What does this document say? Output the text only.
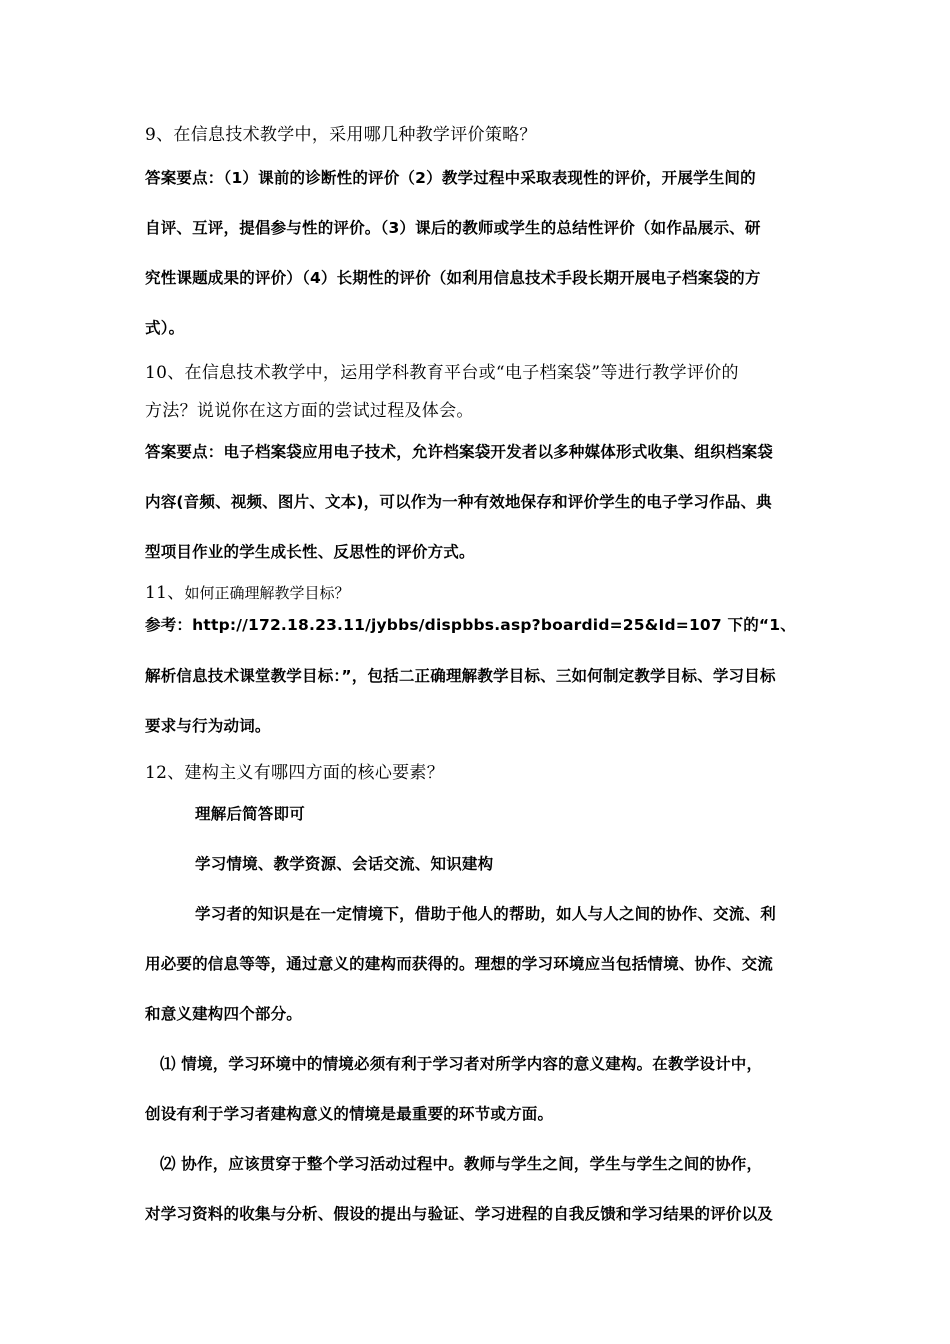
9、在信息技术教学中，采用哪几种教学评价策略？
答案要点：（1）课前的诊断性的评价（2）教学过程中采取表现性的评价，开展学生间的
自评、互评，提倡参与性的评价。（3）课后的教师或学生的总结性评价（如作品展示、研
究性课题成果的评价）（4）长期性的评价（如利用信息技术手段长期开展电子档案袋的方
式）。
10、在信息技术教学中，运用学科教育平台或“电子档案袋”等进行教学评价的
方法？说说你在这方面的尝试过程及体会。
答案要点：电子档案袋应用电子技术，允许档案袋开发者以多种媒体形式收集、组织档案袋
内容(音频、视频、图片、文本)，可以作为一种有效地保存和评价学生的电子学习作品、典
型项目作业的学生成长性、反思性的评价方式。
11、如何正确理解教学目标？
参考：http://172.18.23.11/jybbs/dispbbs.asp?boardid=25&Id=107 下的“1、
解析信息技术课堂教学目标：”，包括二正确理解教学目标、三如何制定教学目标、学习目标
要求与行为动词。
12、建构主义有哪四方面的核心要素？
理解后简答即可
学习情境、教学资源、会话交流、知识建构
学习者的知识是在一定情境下，借助于他人的帮助，如人与人之间的协作、交流、利
用必要的信息等等，通过意义的建构而获得的。理想的学习环境应当包括情境、协作、交流
和意义建构四个部分。
⑴ 情境，学习环境中的情境必须有利于学习者对所学内容的意义建构。在教学设计中，
创设有利于学习者建构意义的情境是最重要的环节或方面。
⑵ 协作，应该贯穿于整个学习活动过程中。教师与学生之间，学生与学生之间的协作，
对学习资料的收集与分析、假设的提出与验证、学习进程的自我反馈和学习结果的评价以及
